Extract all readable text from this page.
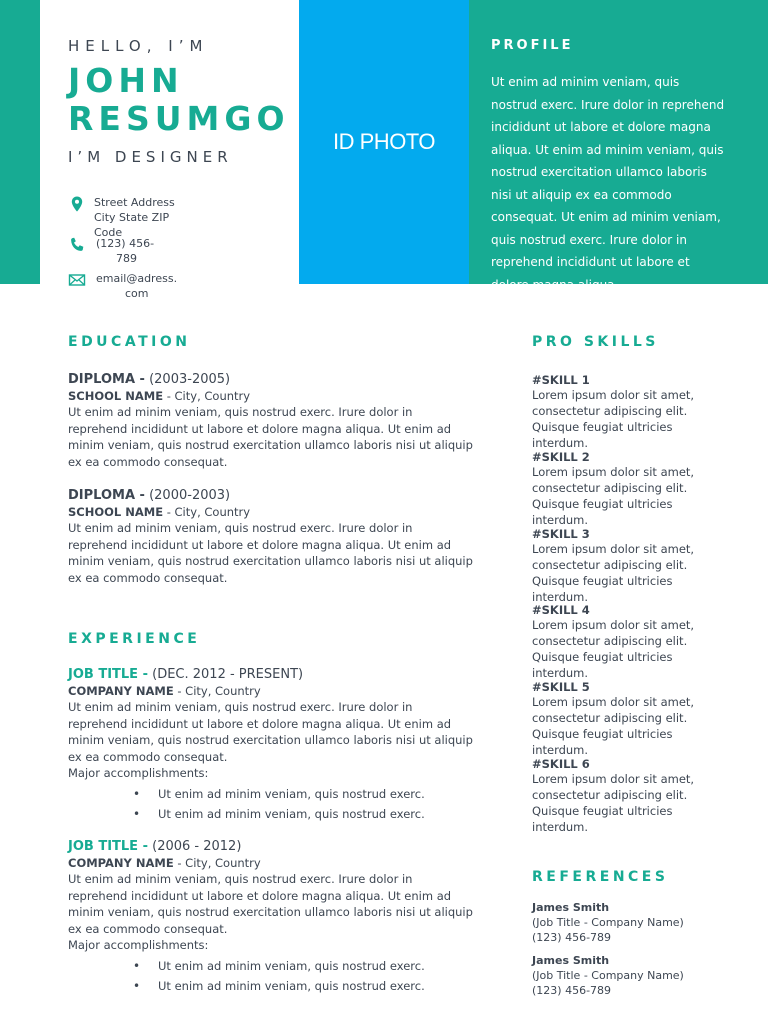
ID PHOTO
HELLO, I’M
JOHN
RESUMGO
I’M DESIGNER
Street Address
City State ZIP
Code
(123) 456-
789
email@adress.
com
PROFILE
Ut enim ad minim veniam, quis nostrud exerc. Irure dolor in reprehend incididunt ut labore et dolore magna aliqua. Ut enim ad minim veniam, quis nostrud exercitation ullamco laboris nisi ut aliquip ex ea commodo consequat. Ut enim ad minim veniam, quis nostrud exerc. Irure dolor in reprehend incididunt ut labore et dolore magna aliqua.
EDUCATION
DIPLOMA - (2003-2005)
SCHOOL NAME - City, Country
Ut enim ad minim veniam, quis nostrud exerc. Irure dolor in reprehend incididunt ut labore et dolore magna aliqua. Ut enim ad minim veniam, quis nostrud exercitation ullamco laboris nisi ut aliquip ex ea commodo consequat.
DIPLOMA - (2000-2003)
SCHOOL NAME - City, Country
Ut enim ad minim veniam, quis nostrud exerc. Irure dolor in reprehend incididunt ut labore et dolore magna aliqua. Ut enim ad minim veniam, quis nostrud exercitation ullamco laboris nisi ut aliquip ex ea commodo consequat.
EXPERIENCE
JOB TITLE - (DEC. 2012 - PRESENT)
COMPANY NAME - City, Country
Ut enim ad minim veniam, quis nostrud exerc. Irure dolor in reprehend incididunt ut labore et dolore magna aliqua. Ut enim ad minim veniam, quis nostrud exercitation ullamco laboris nisi ut aliquip ex ea commodo consequat.
Major accomplishments:
• Ut enim ad minim veniam, quis nostrud exerc.
• Ut enim ad minim veniam, quis nostrud exerc.
JOB TITLE - (2006 - 2012)
COMPANY NAME - City, Country
Ut enim ad minim veniam, quis nostrud exerc. Irure dolor in reprehend incididunt ut labore et dolore magna aliqua. Ut enim ad minim veniam, quis nostrud exercitation ullamco laboris nisi ut aliquip ex ea commodo consequat.
Major accomplishments:
• Ut enim ad minim veniam, quis nostrud exerc.
• Ut enim ad minim veniam, quis nostrud exerc.
PRO SKILLS
#SKILL 1
Lorem ipsum dolor sit amet, consectetur adipiscing elit. Quisque feugiat ultricies interdum.
#SKILL 2
Lorem ipsum dolor sit amet, consectetur adipiscing elit. Quisque feugiat ultricies interdum.
#SKILL 3
Lorem ipsum dolor sit amet, consectetur adipiscing elit. Quisque feugiat ultricies interdum.
#SKILL 4
Lorem ipsum dolor sit amet, consectetur adipiscing elit. Quisque feugiat ultricies interdum.
#SKILL 5
Lorem ipsum dolor sit amet, consectetur adipiscing elit. Quisque feugiat ultricies interdum.
#SKILL 6
Lorem ipsum dolor sit amet, consectetur adipiscing elit. Quisque feugiat ultricies interdum.
REFERENCES
James Smith
(Job Title - Company Name)
(123) 456-789
James Smith
(Job Title - Company Name)
(123) 456-789
